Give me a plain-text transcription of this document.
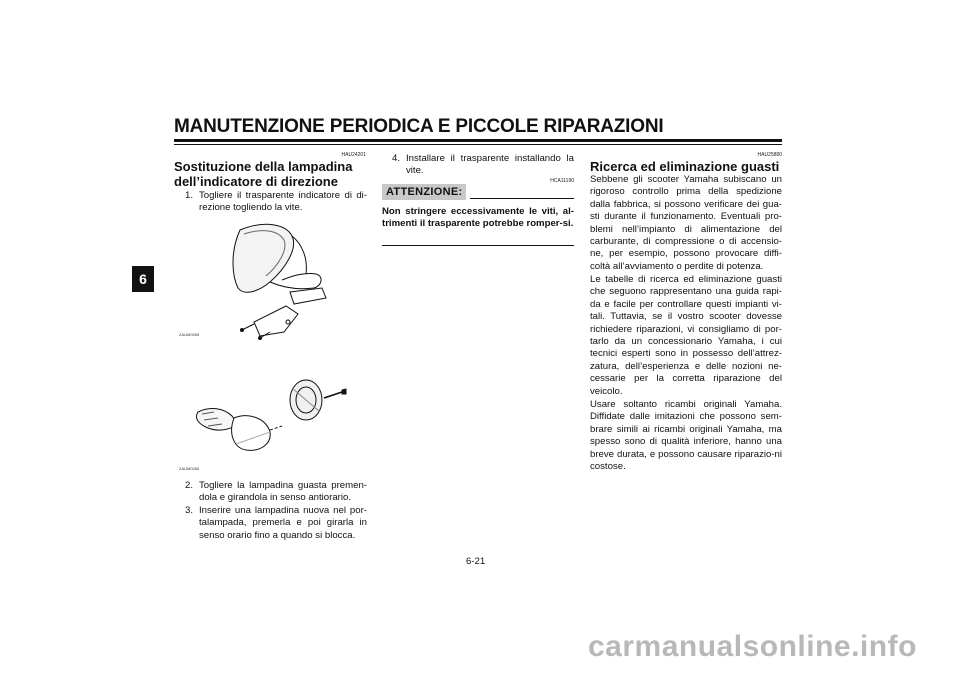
MANUTENZIONE PERIODICA E PICCOLE RIPARAZIONI
6
HAU24201
Sostituzione della lampadina
dell’indicatore di direzione
1. Togliere il trasparente indicatore di di-rezione togliendo la vite.
ZAUM0265
ZAUM0266
2. Togliere la lampadina guasta premen-dola e girandola in senso antiorario.
3. Inserire una lampadina nuova nel por-talampada, premerla e poi girarla in senso orario fino a quando si blocca.
4. Installare il trasparente installando la vite.
HCA11190
ATTENZIONE:
Non stringere eccessivamente le viti, al-trimenti il trasparente potrebbe romper-si.
HAU25880
Ricerca ed eliminazione guasti
Sebbene gli scooter Yamaha subiscano un rigoroso controllo prima della spedizione dalla fabbrica, si possono verificare dei gua-sti durante il funzionamento. Eventuali pro-blemi nell’impianto di alimentazione del carburante, di compressione o di accensio-ne, per esempio, possono provocare diffi-coltà all’avviamento o perdite di potenza.
Le tabelle di ricerca ed eliminazione guasti che seguono rappresentano una guida rapi-da e facile per controllare questi impianti vi-tali. Tuttavia, se il vostro scooter dovesse richiedere riparazioni, vi consigliamo di por-tarlo da un concessionario Yamaha, i cui tecnici esperti sono in possesso dell’attrez-zatura, dell’esperienza e delle nozioni ne-cessarie per la corretta riparazione del veicolo.
Usare soltanto ricambi originali Yamaha. Diffidate dalle imitazioni che possono sem-brare simili ai ricambi originali Yamaha, ma spesso sono di qualità inferiore, hanno una breve durata, e possono causare riparazio-ni costose.
6-21
carmanualsonline.info
